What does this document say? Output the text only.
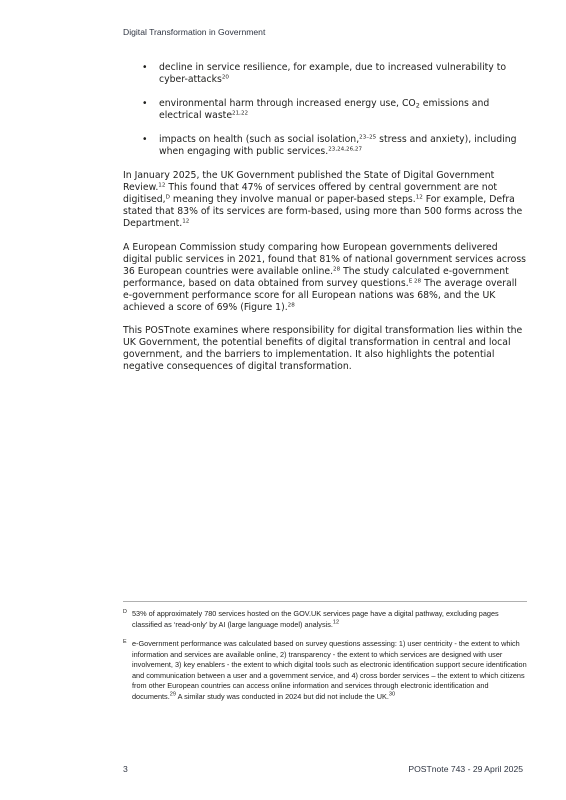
Digital Transformation in Government
• decline in service resilience, for example, due to increased vulnerability to cyber-attacks$^{20}$
• environmental harm through increased energy use, $CO_2$ emissions and electrical waste$^{21,22}$
• impacts on health (such as social isolation,$^{23-25}$ stress and anxiety), including when engaging with public services.$^{23,24,26,27}$

In January 2025, the UK Government published the State of Digital Government Review.$^{12}$ This found that 47% of services offered by central government are not digitised,$^D$ meaning they involve manual or paper-based steps.$^{12}$ For example, Defra stated that 83% of its services are form-based, using more than 500 forms across the Department.$^{12}$

A European Commission study comparing how European governments delivered digital public services in 2021, found that 81% of national government services across 36 European countries were available online.$^{28}$ The study calculated e-government performance, based on data obtained from survey questions.$^{E 28}$ The average overall e-government performance score for all European nations was 68%, and the UK achieved a score of 69% (Figure 1).$^{28}$

This POSTnote examines where responsibility for digital transformation lies within the UK Government, the potential benefits of digital transformation in central and local government, and the barriers to implementation. It also highlights the potential negative consequences of digital transformation.

D 53% of approximately 780 services hosted on the GOV.UK services page have a digital pathway, excluding pages classified as ‘read-only’ by AI (large language model) analysis.$^{12}$
E e-Government performance was calculated based on survey questions assessing: 1) user centricity - the extent to which information and services are available online, 2) transparency - the extent to which services are designed with user involvement, 3) key enablers - the extent to which digital tools such as electronic identification support secure identification and communication between a user and a government service, and 4) cross border services – the extent to which citizens from other European countries can access online information and services through electronic identification and documents.$^{29}$ A similar study was conducted in 2024 but did not include the UK.$^{30}$
3	POSTnote 743 - 29 April 2025
